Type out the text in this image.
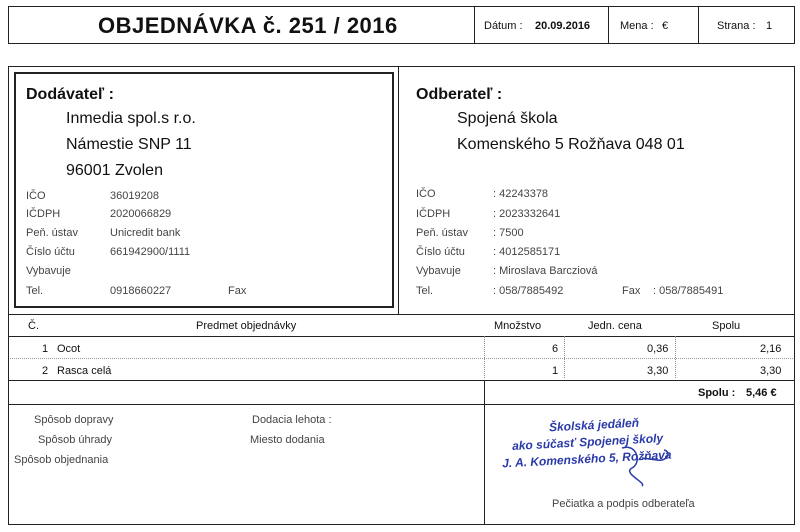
OBJEDNÁVKA č. 251 / 2016	Dátum : 20.09.2016	Mena : €	Strana : 1
Dodávateľ :
Inmedia spol.s r.o.
Námestie SNP 11
96001 Zvolen
IČO	36019208
IČDPH	2020066829
Peň. ústav	Unicredit bank
Číslo účtu	661942900/1111
Vybavuje
Tel.	0918660227	Fax
Odberateľ :
Spojená škola
Komenského 5 Rožňava 048 01
IČO	: 42243378
IČDPH	: 2023332641
Peň. ústav : 7500
Číslo účtu	: 4012585171
Vybavuje	: Miroslava Barcziová
Tel.	: 058/7885492	Fax : 058/7885491
Č.	Predmet objednávky	Množstvo	Jedn. cena	Spolu
1 Ocot	6	0,36	2,16
2 Rasca celá	1	3,30	3,30
Spolu : 5,46 €
Spôsob dopravy
Spôsob úhrady
Spôsob objednania
Dodacia lehota :
Miesto dodania
Školská jedáleň
ako súčasť Spojenej školy
J. A. Komenského 5, Rožňava
Pečiatka a podpis odberateľa
